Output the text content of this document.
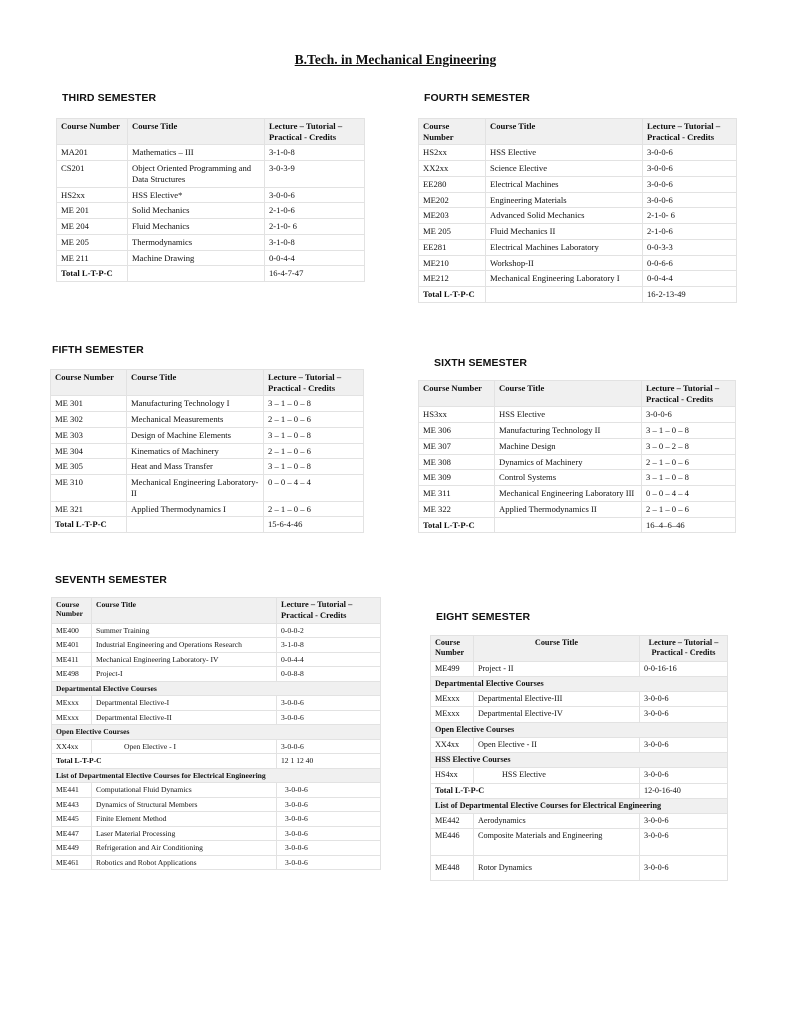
B.Tech. in Mechanical Engineering
THIRD SEMESTER
Course Number	Course Title	Lecture – Tutorial – Practical - Credits
MA201	Mathematics – III	3-1-0-8
CS201	Object Oriented Programming and Data Structures	3-0-3-9
HS2xx	HSS Elective*	3-0-0-6
ME 201	Solid Mechanics	2-1-0-6
ME 204	Fluid Mechanics	2-1-0- 6
ME 205	Thermodynamics	3-1-0-8
ME 211	Machine Drawing	0-0-4-4
Total L-T-P-C		16-4-7-47
FOURTH SEMESTER
Course Number	Course Title	Lecture – Tutorial – Practical - Credits
HS2xx	HSS Elective	3-0-0-6
XX2xx	Science Elective	3-0-0-6
EE280	Electrical Machines	3-0-0-6
ME202	Engineering Materials	3-0-0-6
ME203	Advanced Solid Mechanics	2-1-0- 6
ME 205	Fluid Mechanics II	2-1-0-6
EE281	Electrical Machines Laboratory	0-0-3-3
ME210	Workshop-II	0-0-6-6
ME212	Mechanical Engineering Laboratory I	0-0-4-4
Total L-T-P-C		16-2-13-49
FIFTH SEMESTER
Course Number	Course Title	Lecture – Tutorial – Practical - Credits
ME 301	Manufacturing Technology I	3 – 1 – 0 – 8
ME 302	Mechanical Measurements	2 – 1 – 0 – 6
ME 303	Design of Machine Elements	3 – 1 – 0 – 8
ME 304	Kinematics of Machinery	2 – 1 – 0 – 6
ME 305	Heat and Mass Transfer	3 – 1 – 0 – 8
ME 310	Mechanical Engineering Laboratory- II	0 – 0 – 4 – 4
ME 321	Applied Thermodynamics I	2 – 1 – 0 – 6
Total L-T-P-C		15-6-4-46
SIXTH SEMESTER
Course Number	Course Title	Lecture – Tutorial – Practical - Credits
HS3xx	HSS Elective	3-0-0-6
ME 306	Manufacturing Technology II	3 – 1 – 0 – 8
ME 307	Machine Design	3 – 0 – 2 – 8
ME 308	Dynamics of Machinery	2 – 1 – 0 – 6
ME 309	Control Systems	3 – 1 – 0 – 8
ME 311	Mechanical Engineering Laboratory III	0 – 0 – 4 – 4
ME 322	Applied Thermodynamics II	2 – 1 – 0 – 6
Total L-T-P-C		16–4–6–46
SEVENTH SEMESTER
Course Number	Course Title	Lecture – Tutorial – Practical - Credits
ME400	Summer Training	0-0-0-2
ME401	Industrial Engineering and Operations Research	3-1-0-8
ME411	Mechanical Engineering Laboratory- IV	0-0-4-4
ME498	Project-I	0-0-8-8
Departmental Elective Courses		
MExxx	Departmental Elective-I	3-0-0-6
MExxx	Departmental Elective-II	3-0-0-6
Open Elective Courses		
XX4xx	Open Elective - I	3-0-0-6
Total L-T-P-C		12 1 12 40
List of Departmental Elective Courses for Electrical Engineering		
ME441	Computational Fluid Dynamics	3-0-0-6
ME443	Dynamics of Structural Members	3-0-0-6
ME445	Finite Element Method	3-0-0-6
ME447	Laser Material Processing	3-0-0-6
ME449	Refrigeration and Air Conditioning	3-0-0-6
ME461	Robotics and Robot Applications	3-0-0-6
EIGHT SEMESTER
Course Number	Course Title	Lecture – Tutorial – Practical - Credits
ME499	Project - II	0-0-16-16
Departmental Elective Courses		
MExxx	Departmental Elective-III	3-0-0-6
MExxx	Departmental Elective-IV	3-0-0-6
Open Elective Courses		
XX4xx	Open Elective - II	3-0-0-6
HSS Elective Courses		
HS4xx	HSS Elective	3-0-0-6
Total L-T-P-C		12-0-16-40
List of Departmental Elective Courses for Electrical Engineering		
ME442	Aerodynamics	3-0-0-6
ME446	Composite Materials and Engineering	3-0-0-6
ME448	Rotor Dynamics	3-0-0-6
